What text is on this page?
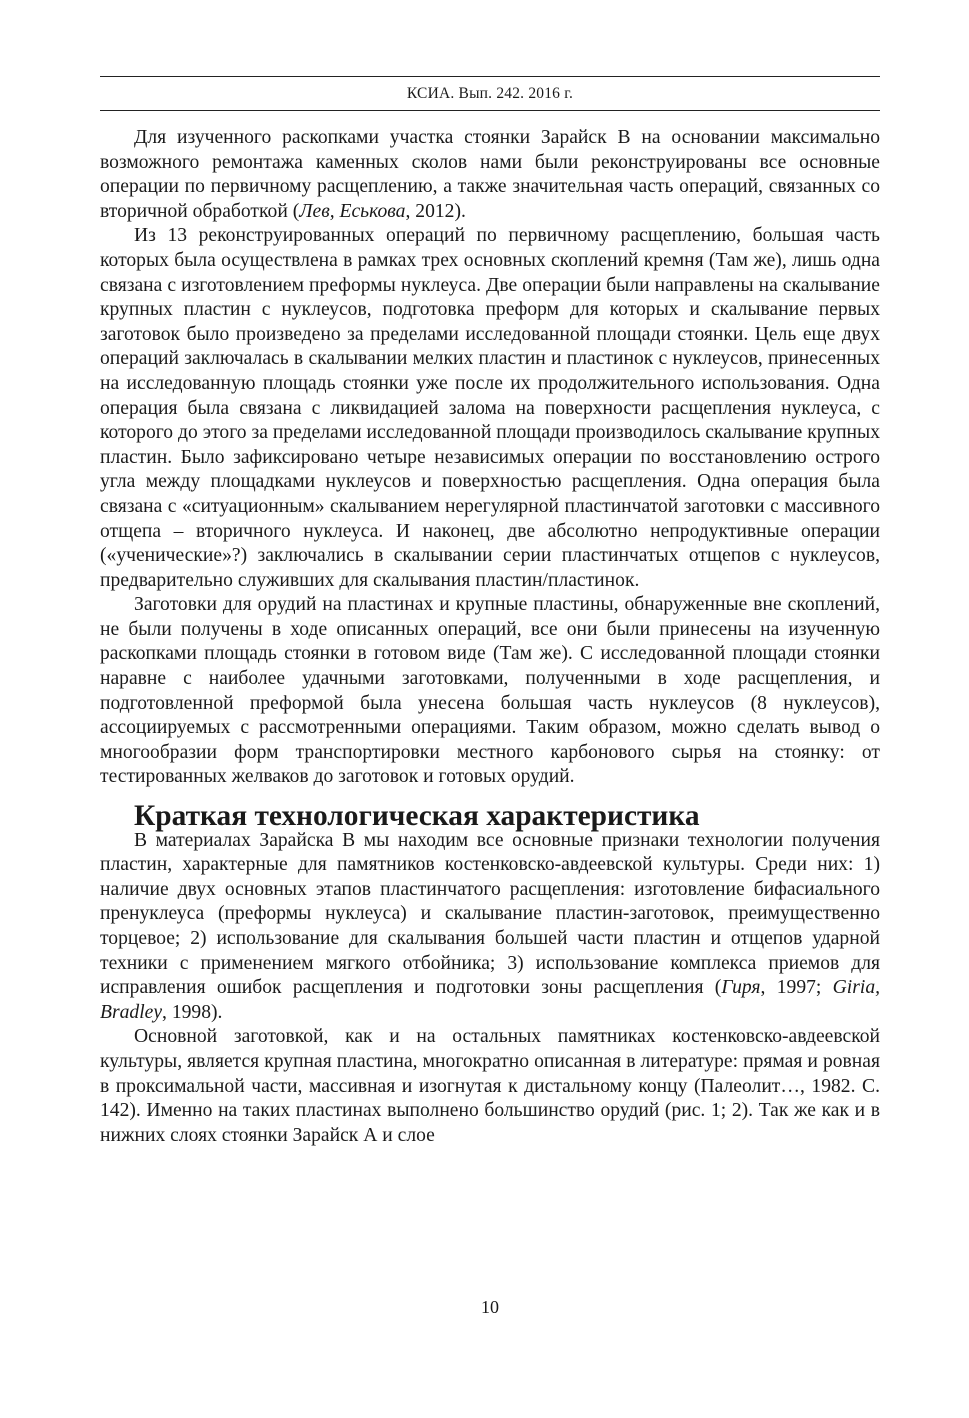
КСИА. Вып. 242. 2016 г.

Для изученного раскопками участка стоянки Зарайск В на основании максимально возможного ремонтажа каменных сколов нами были реконструированы все основные операции по первичному расщеплению, а также значительная часть операций, связанных со вторичной обработкой (Лев, Еськова, 2012).

Из 13 реконструированных операций по первичному расщеплению, большая часть которых была осуществлена в рамках трех основных скоплений кремня (Там же), лишь одна связана с изготовлением преформы нуклеуса. Две операции были направлены на скалывание крупных пластин с нуклеусов, подготовка преформ для которых и скалывание первых заготовок было произведено за пределами исследованной площади стоянки. Цель еще двух операций заключалась в скалывании мелких пластин и пластинок с нуклеусов, принесенных на исследованную площадь стоянки уже после их продолжительного использования. Одна операция была связана с ликвидацией залома на поверхности расщепления нуклеуса, с которого до этого за пределами исследованной площади производилось скалывание крупных пластин. Было зафиксировано четыре независимых операции по восстановлению острого угла между площадками нуклеусов и поверхностью расщепления. Одна операция была связана с «ситуационным» скалыванием нерегулярной пластинчатой заготовки с массивного отщепа – вторичного нуклеуса. И наконец, две абсолютно непродуктивные операции («ученические»?) заключались в скалывании серии пластинчатых отщепов с нуклеусов, предварительно служивших для скалывания пластин/пластинок.

Заготовки для орудий на пластинах и крупные пластины, обнаруженные вне скоплений, не были получены в ходе описанных операций, все они были принесены на изученную раскопками площадь стоянки в готовом виде (Там же). С исследованной площади стоянки наравне с наиболее удачными заготовками, полученными в ходе расщепления, и подготовленной преформой была унесена большая часть нуклеусов (8 нуклеусов), ассоциируемых с рассмотренными операциями. Таким образом, можно сделать вывод о многообразии форм транспортировки местного карбонового сырья на стоянку: от тестированных желваков до заготовок и готовых орудий.

Краткая технологическая характеристика

В материалах Зарайска В мы находим все основные признаки технологии получения пластин, характерные для памятников костенковско-авдеевской культуры. Среди них: 1) наличие двух основных этапов пластинчатого расщепления: изготовление бифасиального пренуклеуса (преформы нуклеуса) и скалывание пластин-заготовок, преимущественно торцевое; 2) использование для скалывания большей части пластин и отщепов ударной техники с применением мягкого отбойника; 3) использование комплекса приемов для исправления ошибок расщепления и подготовки зоны расщепления (Гиря, 1997; Giria, Bradley, 1998).

Основной заготовкой, как и на остальных памятниках костенковско-авдеевской культуры, является крупная пластина, многократно описанная в литературе: прямая и ровная в проксимальной части, массивная и изогнутая к дистальному концу (Палеолит…, 1982. С. 142). Именно на таких пластинах выполнено большинство орудий (рис. 1; 2). Так же как и в нижних слоях стоянки Зарайск А и слое

10
